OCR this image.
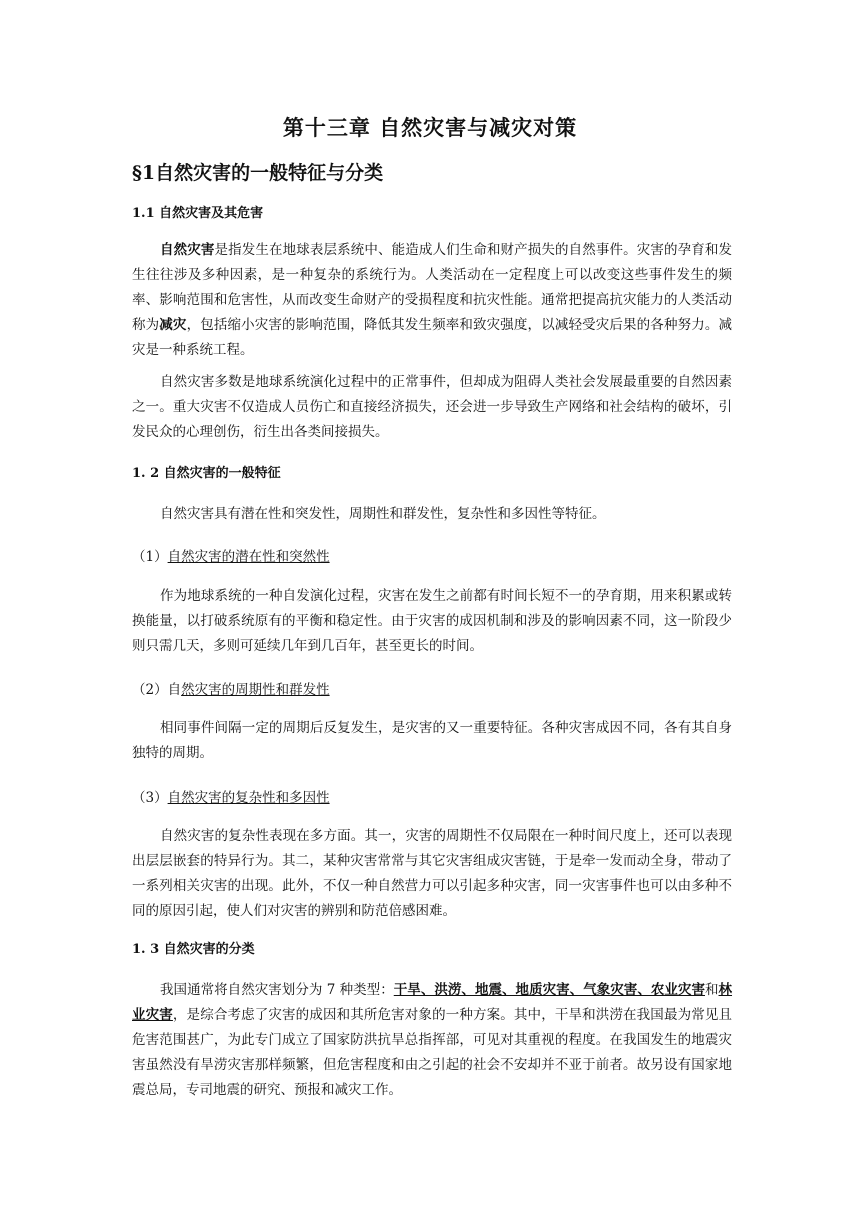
第十三章 自然灾害与减灾对策
§1自然灾害的一般特征与分类
1.1 自然灾害及其危害
自然灾害是指发生在地球表层系统中、能造成人们生命和财产损失的自然事件。灾害的孕育和发生往往涉及多种因素，是一种复杂的系统行为。人类活动在一定程度上可以改变这些事件发生的频率、影响范围和危害性，从而改变生命财产的受损程度和抗灾性能。通常把提高抗灾能力的人类活动称为减灾，包括缩小灾害的影响范围，降低其发生频率和致灾强度，以减轻受灾后果的各种努力。减灾是一种系统工程。
自然灾害多数是地球系统演化过程中的正常事件，但却成为阻碍人类社会发展最重要的自然因素之一。重大灾害不仅造成人员伤亡和直接经济损失，还会进一步导致生产网络和社会结构的破坏，引发民众的心理创伤，衍生出各类间接损失。
1. 2 自然灾害的一般特征
自然灾害具有潜在性和突发性，周期性和群发性，复杂性和多因性等特征。
（1）自然灾害的潜在性和突然性
作为地球系统的一种自发演化过程，灾害在发生之前都有时间长短不一的孕育期，用来积累或转换能量，以打破系统原有的平衡和稳定性。由于灾害的成因机制和涉及的影响因素不同，这一阶段少则只需几天，多则可延续几年到几百年，甚至更长的时间。
（2）自然灾害的周期性和群发性
相同事件间隔一定的周期后反复发生，是灾害的又一重要特征。各种灾害成因不同，各有其自身独特的周期。
（3）自然灾害的复杂性和多因性
自然灾害的复杂性表现在多方面。其一，灾害的周期性不仅局限在一种时间尺度上，还可以表现出层层嵌套的特异行为。其二，某种灾害常常与其它灾害组成灾害链，于是牵一发而动全身，带动了一系列相关灾害的出现。此外，不仅一种自然营力可以引起多种灾害，同一灾害事件也可以由多种不同的原因引起，使人们对灾害的辨别和防范倍感困难。
1. 3 自然灾害的分类
我国通常将自然灾害划分为 7 种类型：干旱、洪涝、地震、地质灾害、气象灾害、农业灾害和林业灾害，是综合考虑了灾害的成因和其所危害对象的一种方案。其中，干旱和洪涝在我国最为常见且危害范围甚广，为此专门成立了国家防洪抗旱总指挥部，可见对其重视的程度。在我国发生的地震灾害虽然没有旱涝灾害那样频繁，但危害程度和由之引起的社会不安却并不亚于前者。故另设有国家地震总局，专司地震的研究、预报和减灾工作。
